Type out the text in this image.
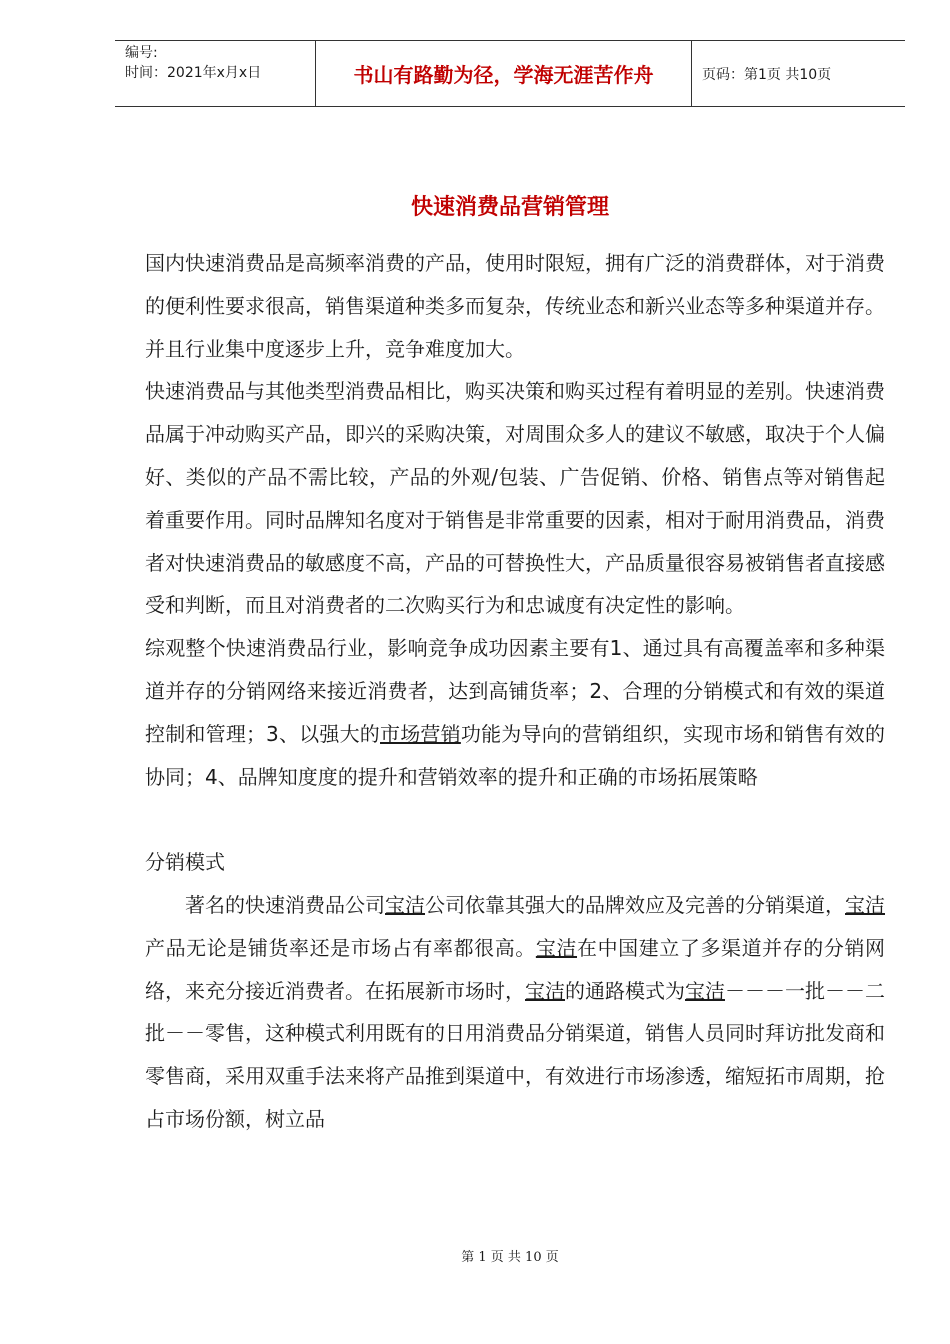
编号:
时间：2021年x月x日	书山有路勤为径，学海无涯苦作舟	页码：第1页 共10页
快速消费品营销管理

国内快速消费品是高频率消费的产品，使用时限短，拥有广泛的消费群体，对于消费的便利性要求很高，销售渠道种类多而复杂，传统业态和新兴业态等多种渠道并存。并且行业集中度逐步上升，竞争难度加大。

快速消费品与其他类型消费品相比，购买决策和购买过程有着明显的差别。快速消费品属于冲动购买产品，即兴的采购决策，对周围众多人的建议不敏感，取决于个人偏好、类似的产品不需比较，产品的外观/包装、广告促销、价格、销售点等对销售起着重要作用。同时品牌知名度对于销售是非常重要的因素，相对于耐用消费品，消费者对快速消费品的敏感度不高，产品的可替换性大，产品质量很容易被销售者直接感受和判断，而且对消费者的二次购买行为和忠诚度有决定性的影响。

综观整个快速消费品行业，影响竞争成功因素主要有1、通过具有高覆盖率和多种渠道并存的分销网络来接近消费者，达到高铺货率；2、合理的分销模式和有效的渠道控制和管理；3、以强大的市场营销功能为导向的营销组织，实现市场和销售有效的协同；4、品牌知度度的提升和营销效率的提升和正确的市场拓展策略

分销模式

著名的快速消费品公司宝洁公司依靠其强大的品牌效应及完善的分销渠道，宝洁产品无论是铺货率还是市场占有率都很高。宝洁在中国建立了多渠道并存的分销网络，来充分接近消费者。在拓展新市场时，宝洁的通路模式为宝洁－－－一批－－二批－－零售，这种模式利用既有的日用消费品分销渠道，销售人员同时拜访批发商和零售商，采用双重手法来将产品推到渠道中，有效进行市场渗透，缩短拓市周期，抢占市场份额，树立品

第 1 页 共 10 页
